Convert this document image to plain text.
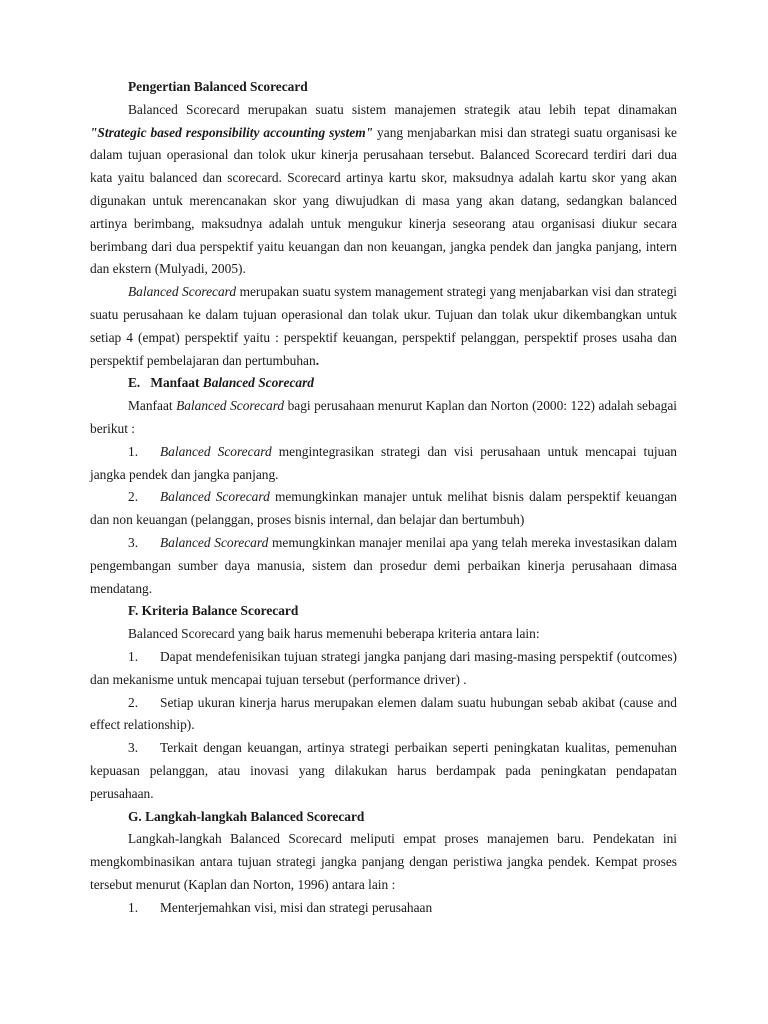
Pengertian Balanced Scorecard

Balanced Scorecard merupakan suatu sistem manajemen strategik atau lebih tepat dinamakan "Strategic based responsibility accounting system" yang menjabarkan misi dan strategi suatu organisasi ke dalam tujuan operasional dan tolok ukur kinerja perusahaan tersebut. Balanced Scorecard terdiri dari dua kata yaitu balanced dan scorecard. Scorecard artinya kartu skor, maksudnya adalah kartu skor yang akan digunakan untuk merencanakan skor yang diwujudkan di masa yang akan datang, sedangkan balanced artinya berimbang, maksudnya adalah untuk mengukur kinerja seseorang atau organisasi diukur secara berimbang dari dua perspektif yaitu keuangan dan non keuangan, jangka pendek dan jangka panjang, intern dan ekstern (Mulyadi, 2005).

Balanced Scorecard merupakan suatu system management strategi yang menjabarkan visi dan strategi suatu perusahaan ke dalam tujuan operasional dan tolak ukur. Tujuan dan tolak ukur dikembangkan untuk setiap 4 (empat) perspektif yaitu : perspektif keuangan, perspektif pelanggan, perspektif proses usaha dan perspektif pembelajaran dan pertumbuhan.

E. Manfaat Balanced Scorecard

Manfaat Balanced Scorecard bagi perusahaan menurut Kaplan dan Norton (2000: 122) adalah sebagai berikut :

1. Balanced Scorecard mengintegrasikan strategi dan visi perusahaan untuk mencapai tujuan jangka pendek dan jangka panjang.

2. Balanced Scorecard memungkinkan manajer untuk melihat bisnis dalam perspektif keuangan dan non keuangan (pelanggan, proses bisnis internal, dan belajar dan bertumbuh)

3. Balanced Scorecard memungkinkan manajer menilai apa yang telah mereka investasikan dalam pengembangan sumber daya manusia, sistem dan prosedur demi perbaikan kinerja perusahaan dimasa mendatang.

F. Kriteria Balance Scorecard

Balanced Scorecard yang baik harus memenuhi beberapa kriteria antara lain:

1. Dapat mendefenisikan tujuan strategi jangka panjang dari masing-masing perspektif (outcomes) dan mekanisme untuk mencapai tujuan tersebut (performance driver) .

2. Setiap ukuran kinerja harus merupakan elemen dalam suatu hubungan sebab akibat (cause and effect relationship).

3. Terkait dengan keuangan, artinya strategi perbaikan seperti peningkatan kualitas, pemenuhan kepuasan pelanggan, atau inovasi yang dilakukan harus berdampak pada peningkatan pendapatan perusahaan.

G. Langkah-langkah Balanced Scorecard

Langkah-langkah Balanced Scorecard meliputi empat proses manajemen baru. Pendekatan ini mengkombinasikan antara tujuan strategi jangka panjang dengan peristiwa jangka pendek. Kempat proses tersebut menurut (Kaplan dan Norton, 1996) antara lain :

1. Menterjemahkan visi, misi dan strategi perusahaan
